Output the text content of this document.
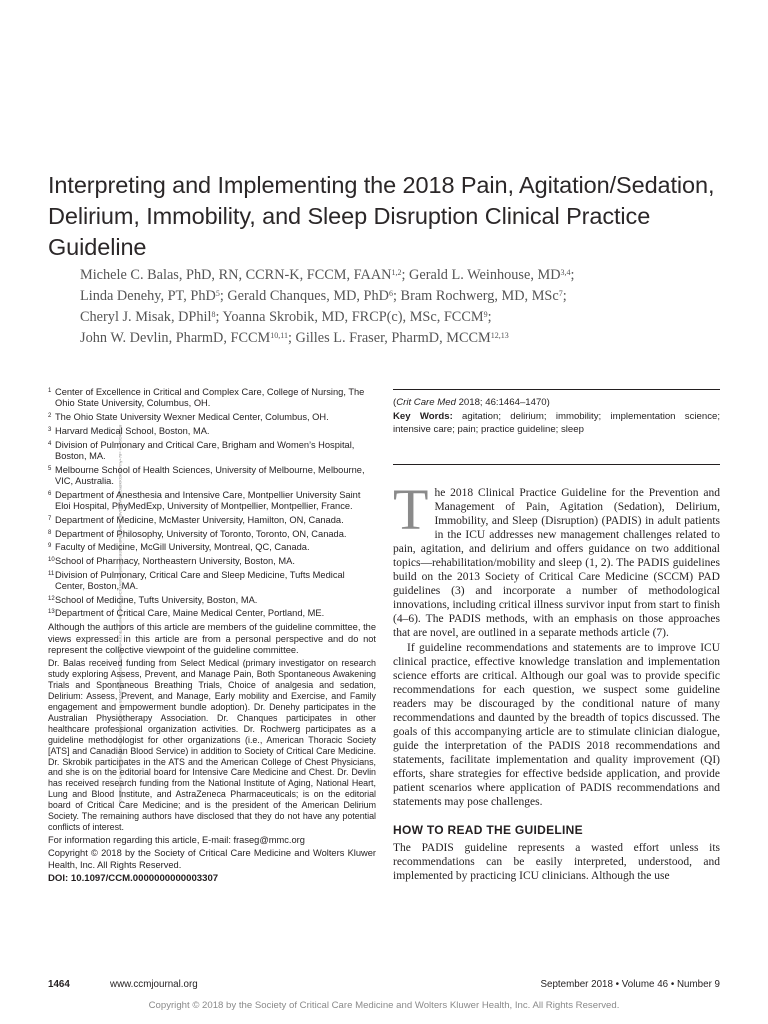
Interpreting and Implementing the 2018 Pain, Agitation/Sedation, Delirium, Immobility, and Sleep Disruption Clinical Practice Guideline
Michele C. Balas, PhD, RN, CCRN-K, FCCM, FAAN$^{1,2}$; Gerald L. Weinhouse, MD$^{3,4}$;
Linda Denehy, PT, PhD$^5$; Gerald Chanques, MD, PhD$^6$; Bram Rochwerg, MD, MSc$^7$;
Cheryl J. Misak, DPhil$^8$; Yoanna Skrobik, MD, FRCP(c), MSc, FCCM$^9$;
John W. Devlin, PharmD, FCCM$^{10,11}$; Gilles L. Fraser, PharmD, MCCM$^{12,13}$
Downloaded from http://journals.lww.com/ccmjournal by BhDMf5ePHKav1zEoum1tQfN4a+kJLhEZgbsIHo4XMi0hCywCX1AWnYQp/IlQrHD3i3D0OdRyi7TvSFl4Cf3VC4/OAVpDDa8KKGKV0Ymy+78= on 05/24/2018
1 Center of Excellence in Critical and Complex Care, College of Nursing, The Ohio State University, Columbus, OH.
2 The Ohio State University Wexner Medical Center, Columbus, OH.
3 Harvard Medical School, Boston, MA.
4 Division of Pulmonary and Critical Care, Brigham and Women’s Hospital, Boston, MA.
5 Melbourne School of Health Sciences, University of Melbourne, Melbourne, VIC, Australia.
6 Department of Anesthesia and Intensive Care, Montpellier University Saint Eloi Hospital, PhyMedExp, University of Montpellier, Montpellier, France.
7 Department of Medicine, McMaster University, Hamilton, ON, Canada.
8 Department of Philosophy, University of Toronto, Toronto, ON, Canada.
9 Faculty of Medicine, McGill University, Montreal, QC, Canada.
10 School of Pharmacy, Northeastern University, Boston, MA.
11 Division of Pulmonary, Critical Care and Sleep Medicine, Tufts Medical Center, Boston, MA.
12 School of Medicine, Tufts University, Boston, MA.
13 Department of Critical Care, Maine Medical Center, Portland, ME.

Although the authors of this article are members of the guideline committee, the views expressed in this article are from a personal perspective and do not represent the collective viewpoint of the guideline committee.

Dr. Balas received funding from Select Medical (primary investigator on research study exploring Assess, Prevent, and Manage Pain, Both Spontaneous Awakening Trials and Spontaneous Breathing Trials, Choice of analgesia and sedation, Delirium: Assess, Prevent, and Manage, Early mobility and Exercise, and Family engagement and empowerment bundle adoption). Dr. Denehy participates in the Australian Physiotherapy Association. Dr. Chanques participates in other healthcare professional organization activities. Dr. Rochwerg participates as a guideline methodologist for other organizations (i.e., American Thoracic Society [ATS] and Canadian Blood Service) in addition to Society of Critical Care Medicine. Dr. Skrobik participates in the ATS and the American College of Chest Physicians, and she is on the editorial board for Intensive Care Medicine and Chest. Dr. Devlin has received research funding from the National Institute of Aging, National Heart, Lung and Blood Institute, and AstraZeneca Pharmaceuticals; is on the editorial board of Critical Care Medicine; and is the president of the American Delirium Society. The remaining authors have disclosed that they do not have any potential conflicts of interest.

For information regarding this article, E-mail: fraseg@mmc.org

Copyright © 2018 by the Society of Critical Care Medicine and Wolters Kluwer Health, Inc. All Rights Reserved.

DOI: 10.1097/CCM.0000000000003307

(Crit Care Med 2018; 46:1464–1470)

Key Words: agitation; delirium; immobility; implementation science; intensive care; pain; practice guideline; sleep

The 2018 Clinical Practice Guideline for the Prevention and Management of Pain, Agitation (Sedation), Delirium, Immobility, and Sleep (Disruption) (PADIS) in adult patients in the ICU addresses new management challenges related to pain, agitation, and delirium and offers guidance on two additional topics—rehabilitation/mobility and sleep (1, 2). The PADIS guidelines build on the 2013 Society of Critical Care Medicine (SCCM) PAD guidelines (3) and incorporate a number of methodological innovations, including critical illness survivor input from start to finish (4–6). The PADIS methods, with an emphasis on those approaches that are novel, are outlined in a separate methods article (7).

If guideline recommendations and statements are to improve ICU clinical practice, effective knowledge translation and implementation science efforts are critical. Although our goal was to provide specific recommendations for each question, we suspect some guideline readers may be discouraged by the conditional nature of many recommendations and daunted by the breadth of topics discussed. The goals of this accompanying article are to stimulate clinician dialogue, guide the interpretation of the PADIS 2018 recommendations and statements, facilitate implementation and quality improvement (QI) efforts, share strategies for effective bedside application, and provide patient scenarios where application of PADIS recommendations and statements may pose challenges.

HOW TO READ THE GUIDELINE

The PADIS guideline represents a wasted effort unless its recommendations can be easily interpreted, understood, and implemented by practicing ICU clinicians. Although the use

1464	www.ccmjournal.org	September 2018 • Volume 46 • Number 9
Copyright © 2018 by the Society of Critical Care Medicine and Wolters Kluwer Health, Inc. All Rights Reserved.
